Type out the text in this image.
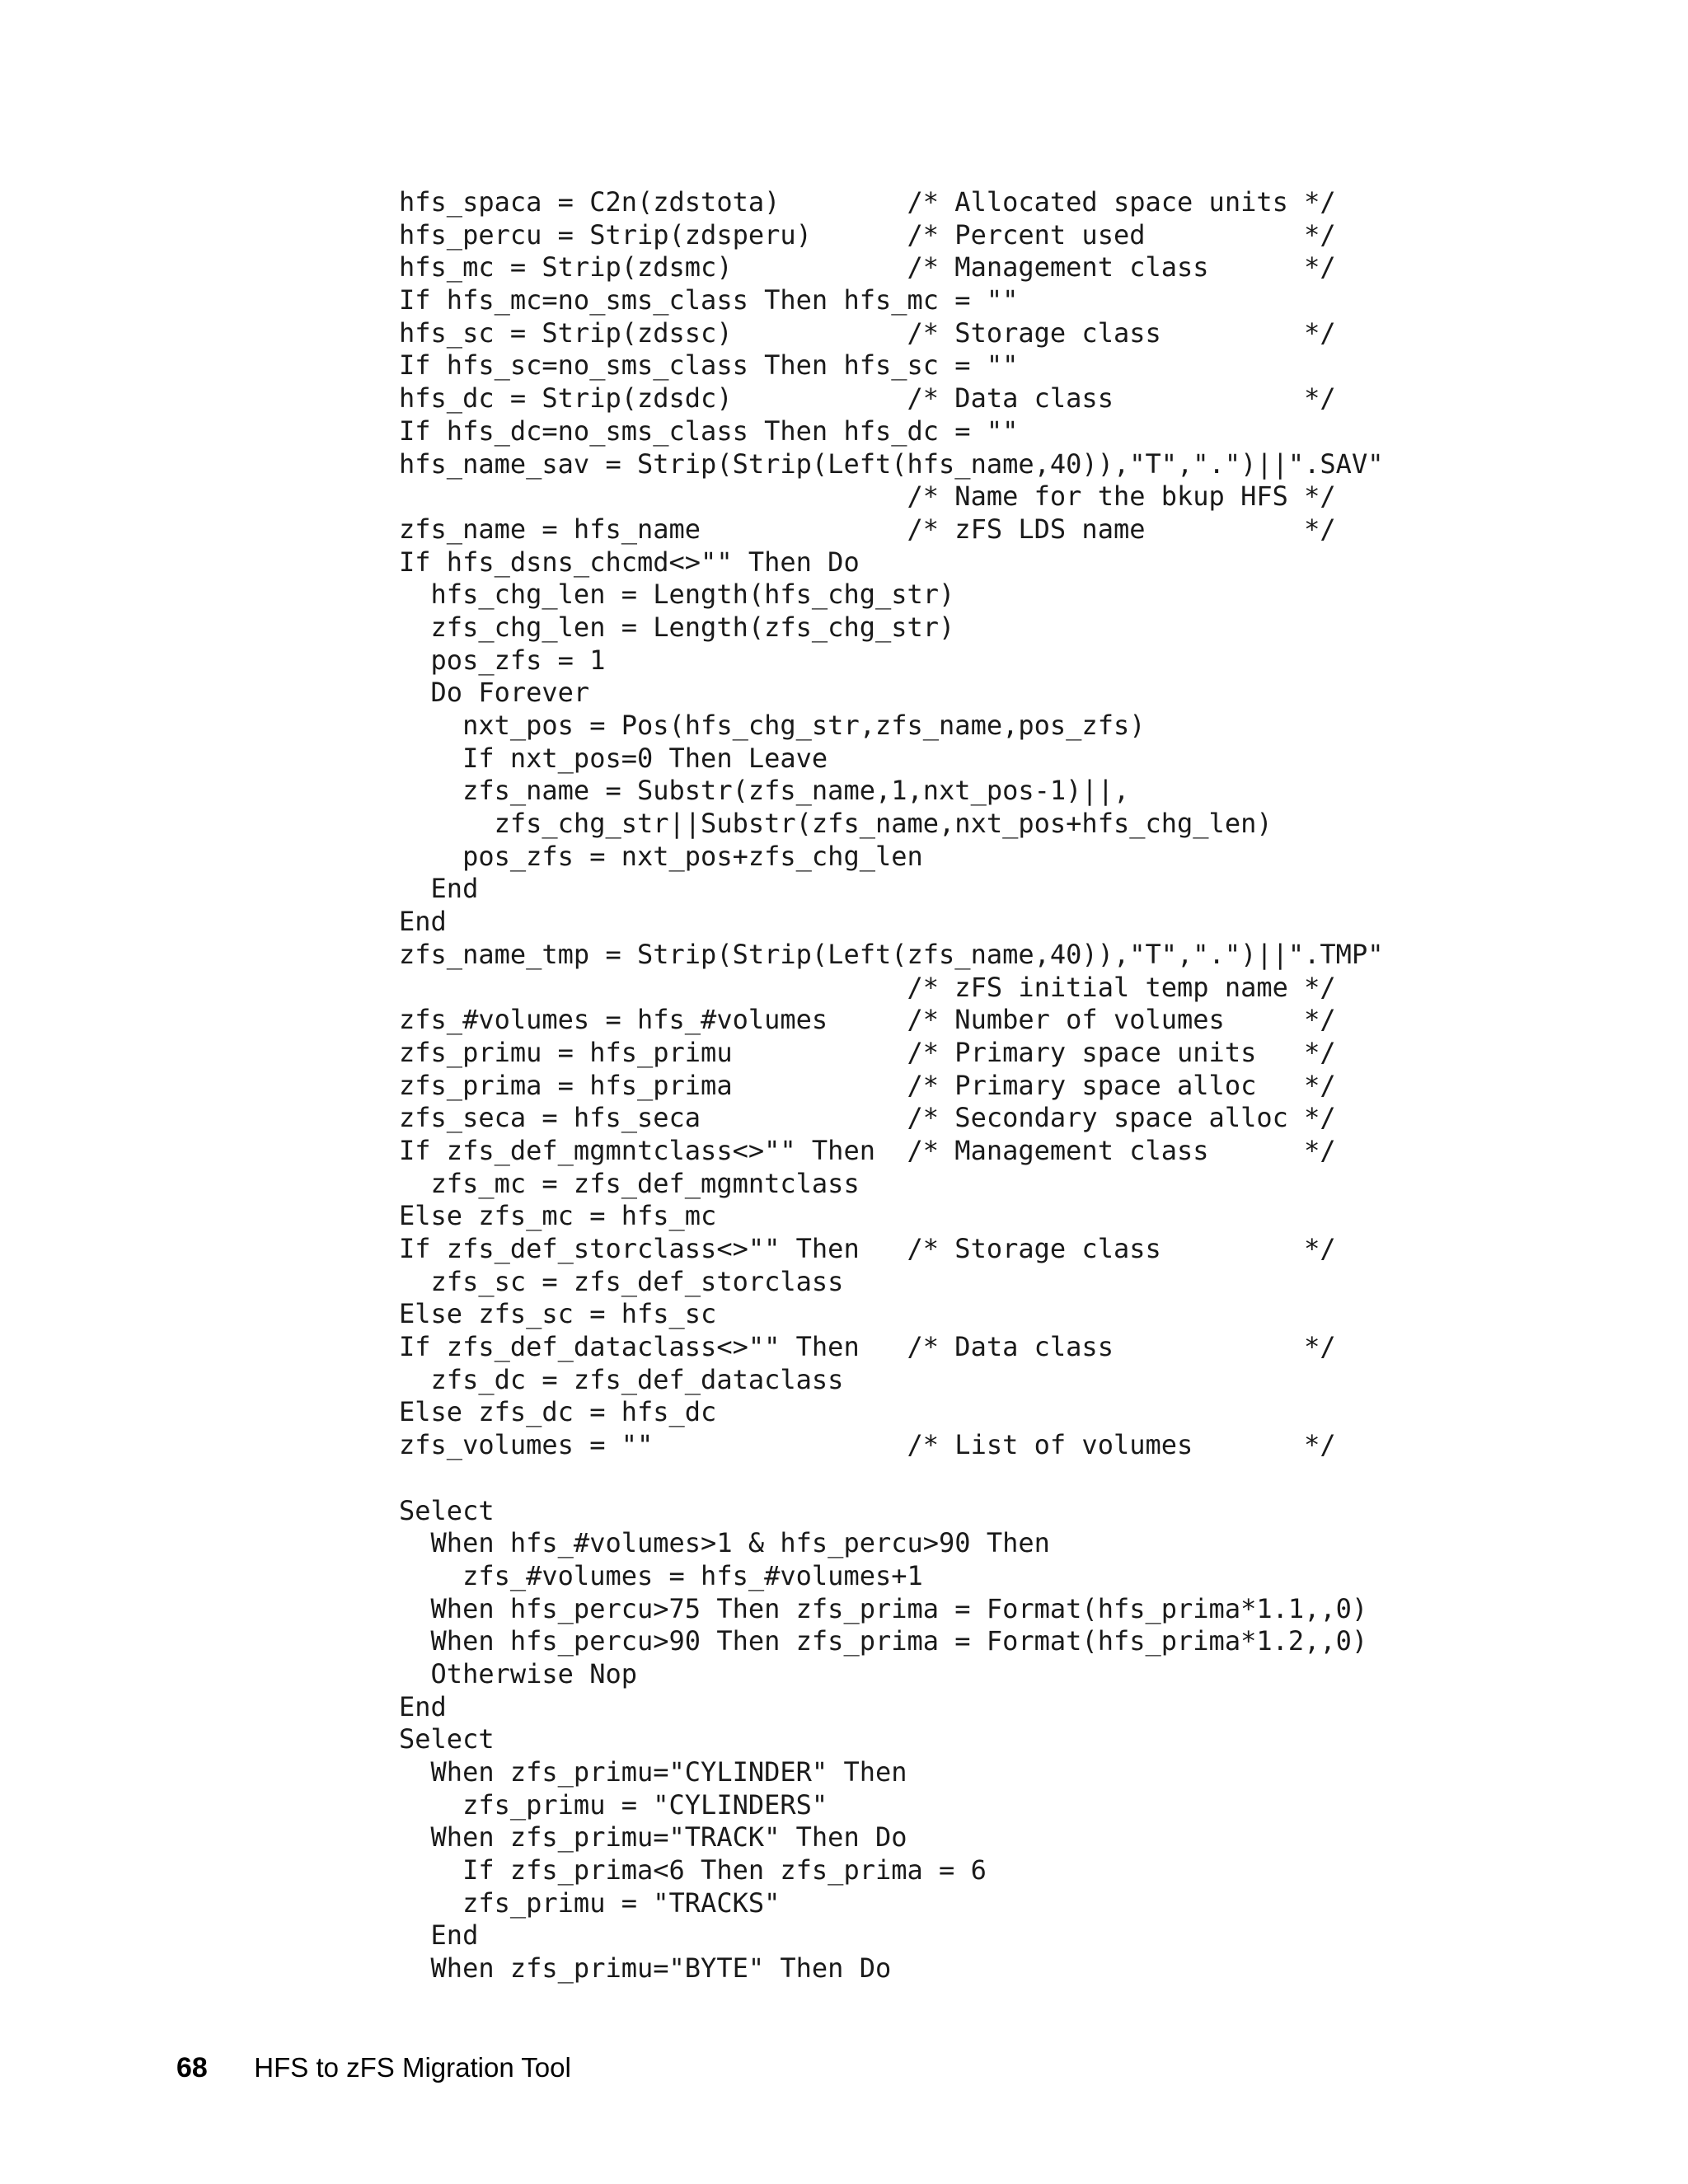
hfs_spaca = C2n(zdstota)        /* Allocated space units */
hfs_percu = Strip(zdsperu)      /* Percent used          */
hfs_mc = Strip(zdsmc)           /* Management class      */
If hfs_mc=no_sms_class Then hfs_mc = ""
hfs_sc = Strip(zdssc)           /* Storage class         */
If hfs_sc=no_sms_class Then hfs_sc = ""
hfs_dc = Strip(zdsdc)           /* Data class            */
If hfs_dc=no_sms_class Then hfs_dc = ""
hfs_name_sav = Strip(Strip(Left(hfs_name,40)),"T",".")||".SAV"
/* Name for the bkup HFS */
zfs_name = hfs_name             /* zFS LDS name          */
If hfs_dsns_chcmd<>"" Then Do
hfs_chg_len = Length(hfs_chg_str)
zfs_chg_len = Length(zfs_chg_str)
pos_zfs = 1
Do Forever
nxt_pos = Pos(hfs_chg_str,zfs_name,pos_zfs)
If nxt_pos=0 Then Leave
zfs_name = Substr(zfs_name,1,nxt_pos-1)||,
zfs_chg_str||Substr(zfs_name,nxt_pos+hfs_chg_len)
pos_zfs = nxt_pos+zfs_chg_len
End
End
zfs_name_tmp = Strip(Strip(Left(zfs_name,40)),"T",".")||".TMP"
/* zFS initial temp name */
zfs_#volumes = hfs_#volumes     /* Number of volumes     */
zfs_primu = hfs_primu           /* Primary space units   */
zfs_prima = hfs_prima           /* Primary space alloc   */
zfs_seca = hfs_seca             /* Secondary space alloc */
If zfs_def_mgmntclass<>"" Then  /* Management class      */
zfs_mc = zfs_def_mgmntclass
Else zfs_mc = hfs_mc
If zfs_def_storclass<>"" Then   /* Storage class         */
zfs_sc = zfs_def_storclass
Else zfs_sc = hfs_sc
If zfs_def_dataclass<>"" Then   /* Data class            */
zfs_dc = zfs_def_dataclass
Else zfs_dc = hfs_dc
zfs_volumes = ""                /* List of volumes       */
Select
When hfs_#volumes>1 & hfs_percu>90 Then
zfs_#volumes = hfs_#volumes+1
When hfs_percu>75 Then zfs_prima = Format(hfs_prima*1.1,,0)
When hfs_percu>90 Then zfs_prima = Format(hfs_prima*1.2,,0)
Otherwise Nop
End
Select
When zfs_primu="CYLINDER" Then
zfs_primu = "CYLINDERS"
When zfs_primu="TRACK" Then Do
If zfs_prima<6 Then zfs_prima = 6
zfs_primu = "TRACKS"
End
When zfs_primu="BYTE" Then Do
68 HFS to zFS Migration Tool
